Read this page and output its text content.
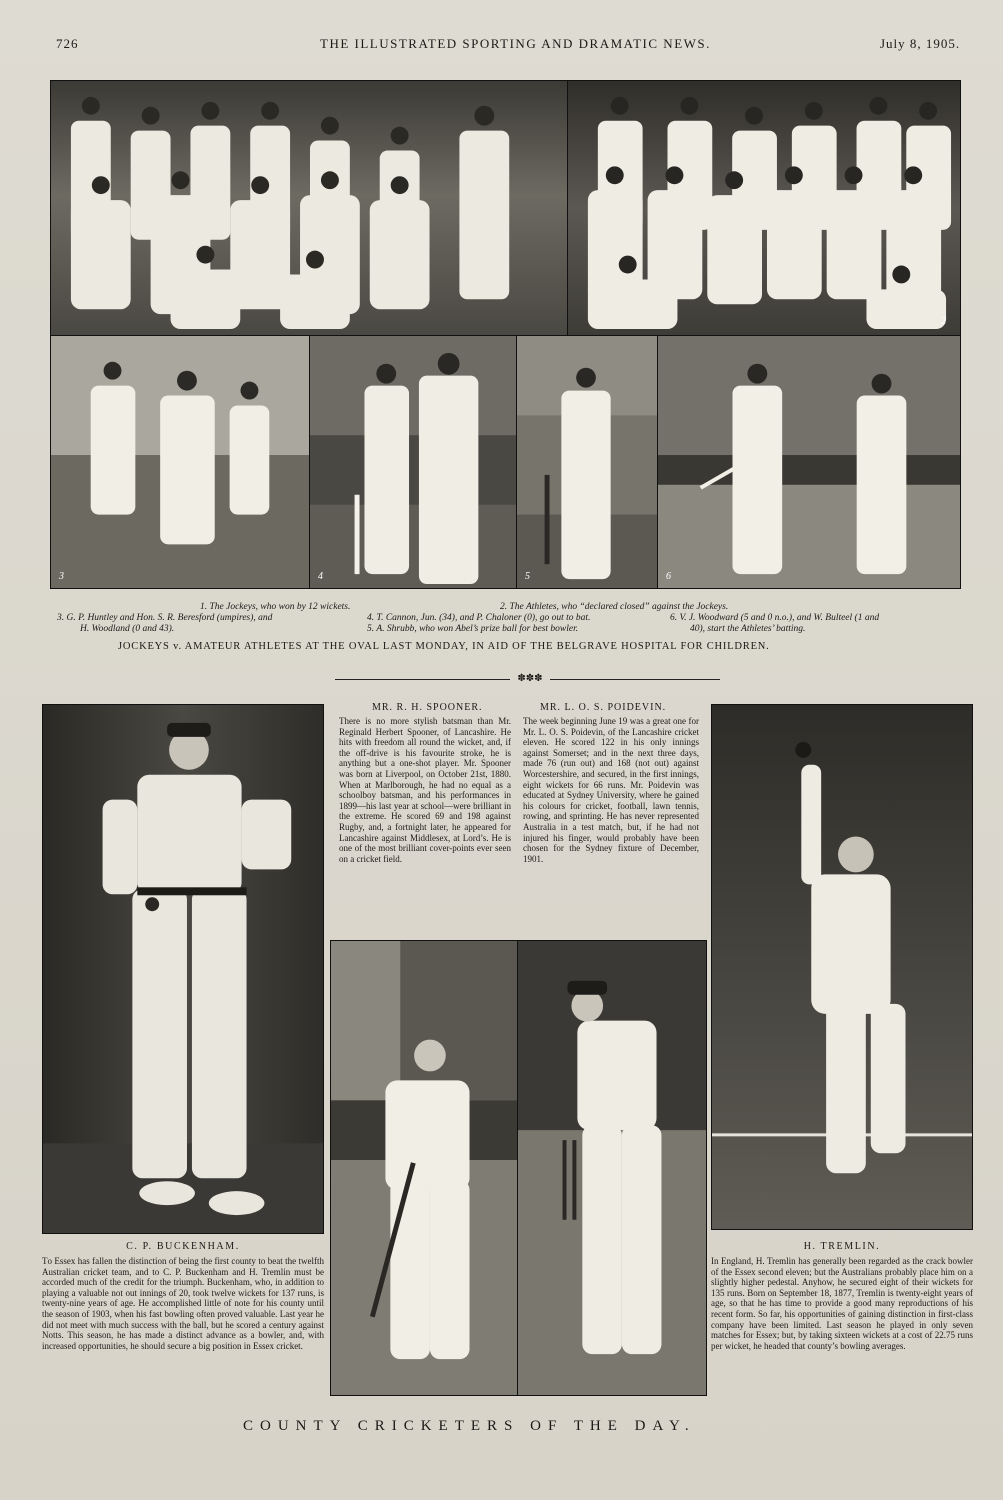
726	THE ILLUSTRATED SPORTING AND DRAMATIC NEWS.	July 8, 1905.
2
3	4	5	6
1. The Jockeys, who won by 12 wickets.	2. The Athletes, who “declared closed” against the Jockeys.
3. G. P. Huntley and Hon. S. R. Beresford (umpires), and
H. Woodland (0 and 43).
4. T. Cannon, Jun. (34), and P. Chaloner (0), go out to bat.
5. A. Shrubb, who won Abel’s prize ball for best bowler.
6. V. J. Woodward (5 and 0 n.o.), and W. Bulteel (1 and
40), start the Athletes’ batting.
JOCKEYS v. AMATEUR ATHLETES AT THE OVAL LAST MONDAY, IN AID OF THE BELGRAVE HOSPITAL FOR CHILDREN.
✽✽✽
C. P. BUCKENHAM.
To Essex has fallen the distinction of being the first county to beat the twelfth Australian cricket team, and to C. P. Buckenham and H. Tremlin must be accorded much of the credit for the triumph. Buckenham, who, in addition to playing a valuable not out innings of 20, took twelve wickets for 137 runs, is twenty-nine years of age. He accomplished little of note for his county until the season of 1903, when his fast bowling often proved valuable. Last year he did not meet with much success with the ball, but he scored a century against Notts. This season, he has made a distinct advance as a bowler, and, with increased opportunities, he should secure a big position in Essex cricket.
MR. R. H. SPOONER.
There is no more stylish batsman than Mr. Reginald Herbert Spooner, of Lancashire. He hits with freedom all round the wicket, and, if the off-drive is his favourite stroke, he is anything but a one-shot player. Mr. Spooner was born at Liverpool, on October 21st, 1880. When at Marlborough, he had no equal as a schoolboy batsman, and his performances in 1899—his last year at school—were brilliant in the extreme. He scored 69 and 198 against Rugby, and, a fortnight later, he appeared for Lancashire against Middlesex, at Lord’s. He is one of the most brilliant cover-points ever seen on a cricket field.
MR. L. O. S. POIDEVIN.
The week beginning June 19 was a great one for Mr. L. O. S. Poidevin, of the Lancashire cricket eleven. He scored 122 in his only innings against Somerset; and in the next three days, made 76 (run out) and 168 (not out) against Worcestershire, and secured, in the first innings, eight wickets for 66 runs. Mr. Poidevin was educated at Sydney University, where he gained his colours for cricket, football, lawn tennis, rowing, and sprinting. He has never represented Australia in a test match, but, if he had not injured his finger, would probably have been chosen for the Sydney fixture of December, 1901.
H. TREMLIN.
In England, H. Tremlin has generally been regarded as the crack bowler of the Essex second eleven; but the Australians probably place him on a slightly higher pedestal. Anyhow, he secured eight of their wickets for 135 runs. Born on September 18, 1877, Tremlin is twenty-eight years of age, so that he has time to provide a good many reproductions of his recent form. So far, his opportunities of gaining distinction in first-class company have been limited. Last season he played in only seven matches for Essex; but, by taking sixteen wickets at a cost of 22.75 runs per wicket, he headed that county’s bowling averages.
COUNTY CRICKETERS OF THE DAY.
